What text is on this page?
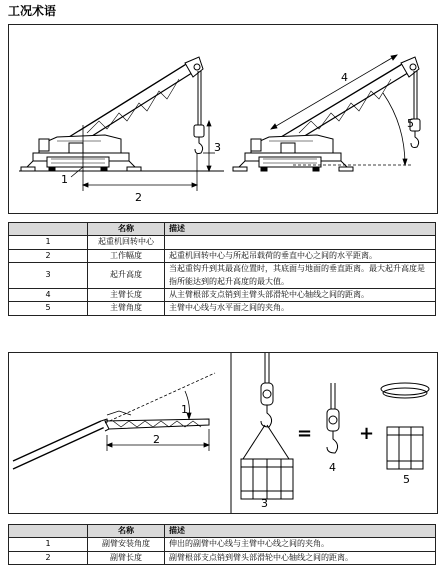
工况术语
1
2
3
4
5
	名称	描述
1	起重机回转中心	
2	工作幅度	起重机回转中心与所起吊载荷的垂直中心之间的水平距离。
3	起升高度	当起重钩升到其最高位置时，其底面与地面的垂直距离。最大起升高度是指所能达到的起升高度的最大值。
4	主臂长度	从主臂根部支点销到主臂头部滑轮中心轴线之间的距离。
5	主臂角度	主臂中心线与水平面之间的夹角。
1
2	=
4
+
3
5
	名称	描述
1	副臂安装角度	伸出的副臂中心线与主臂中心线之间的夹角。
2	副臂长度	副臂根部支点销到臂头部滑轮中心轴线之间的距离。
